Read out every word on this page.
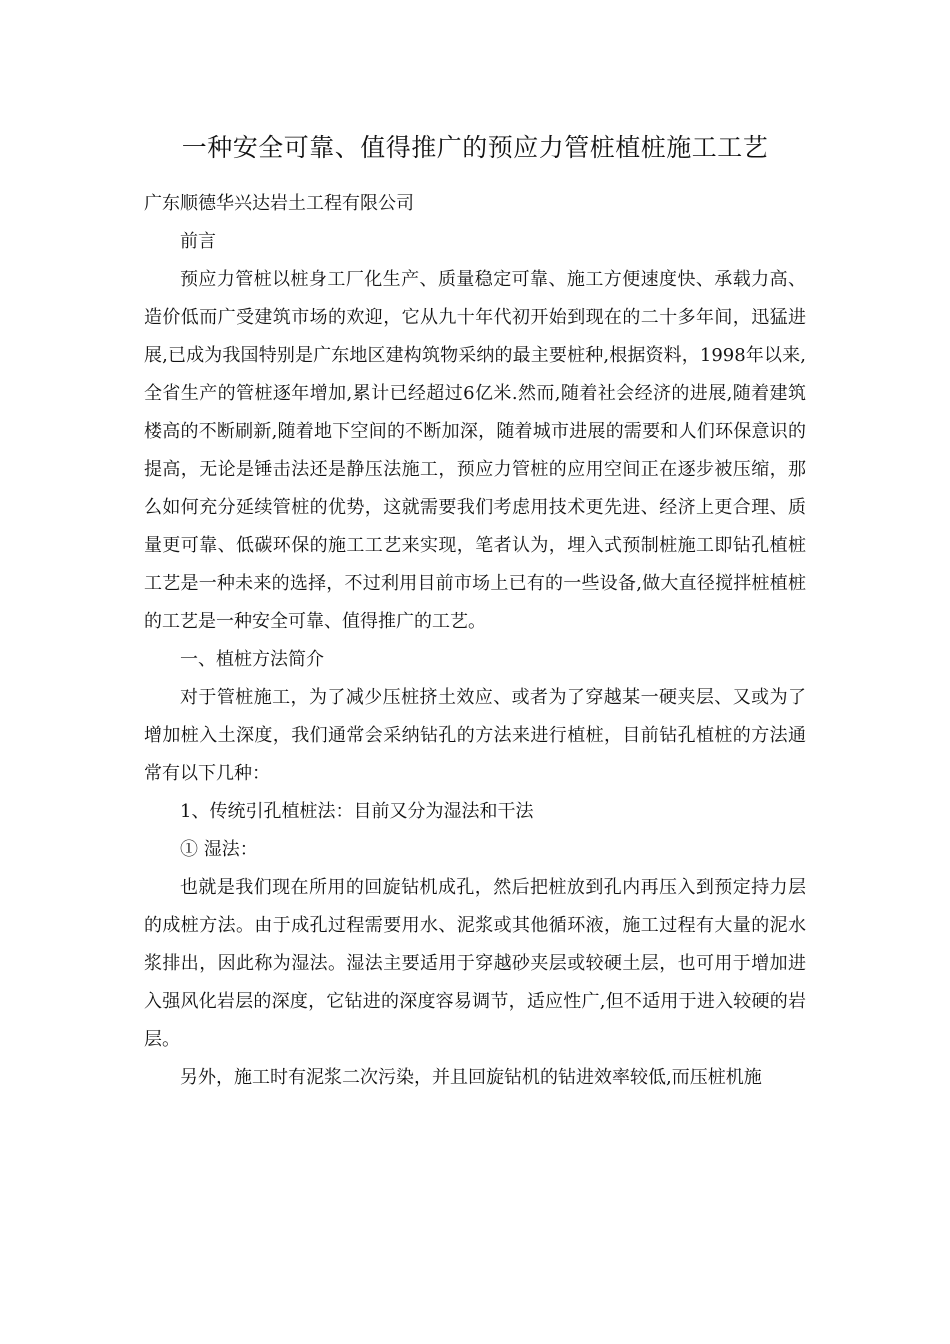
一种安全可靠、值得推广的预应力管桩植桩施工工艺

广东顺德华兴达岩土工程有限公司

前言

预应力管桩以桩身工厂化生产、质量稳定可靠、施工方便速度快、承载力高、造价低而广受建筑市场的欢迎，它从九十年代初开始到现在的二十多年间，迅猛进展,已成为我国特别是广东地区建构筑物采纳的最主要桩种,根据资料，1998年以来,全省生产的管桩逐年增加,累计已经超过6亿米.然而,随着社会经济的进展,随着建筑楼高的不断刷新,随着地下空间的不断加深，随着城市进展的需要和人们环保意识的提高，无论是锤击法还是静压法施工，预应力管桩的应用空间正在逐步被压缩，那么如何充分延续管桩的优势，这就需要我们考虑用技术更先进、经济上更合理、质量更可靠、低碳环保的施工工艺来实现，笔者认为，埋入式预制桩施工即钻孔植桩工艺是一种未来的选择，不过利用目前市场上已有的一些设备,做大直径搅拌桩植桩的工艺是一种安全可靠、值得推广的工艺。

一、植桩方法简介

对于管桩施工，为了减少压桩挤土效应、或者为了穿越某一硬夹层、又或为了增加桩入土深度，我们通常会采纳钻孔的方法来进行植桩，目前钻孔植桩的方法通常有以下几种：

1、传统引孔植桩法：目前又分为湿法和干法

① 湿法：

也就是我们现在所用的回旋钻机成孔，然后把桩放到孔内再压入到预定持力层的成桩方法。由于成孔过程需要用水、泥浆或其他循环液，施工过程有大量的泥水浆排出，因此称为湿法。湿法主要适用于穿越砂夹层或较硬土层，也可用于增加进入强风化岩层的深度，它钻进的深度容易调节，适应性广,但不适用于进入较硬的岩层。

另外，施工时有泥浆二次污染，并且回旋钻机的钻进效率较低,而压桩机施
